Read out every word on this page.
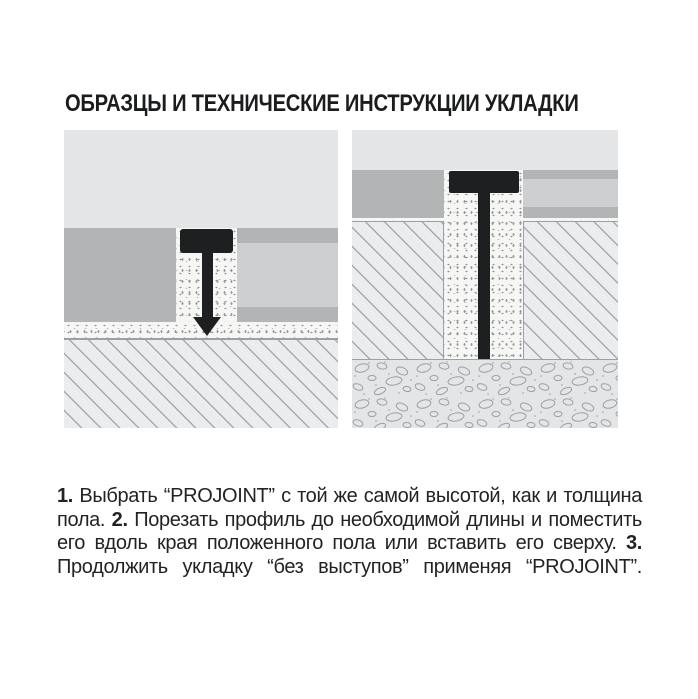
ОБРАЗЦЫ И ТЕХНИЧЕСКИЕ ИНСТРУКЦИИ УКЛАДКИ

1. Выбрать “PROJOINT” с той же самой высотой, как и толщина пола. 2. Порезать профиль до необходимой длины и поместить его вдоль края положенного пола или вставить его сверху. 3. Продолжить укладку “без выступов” применяя “PROJOINT”.
